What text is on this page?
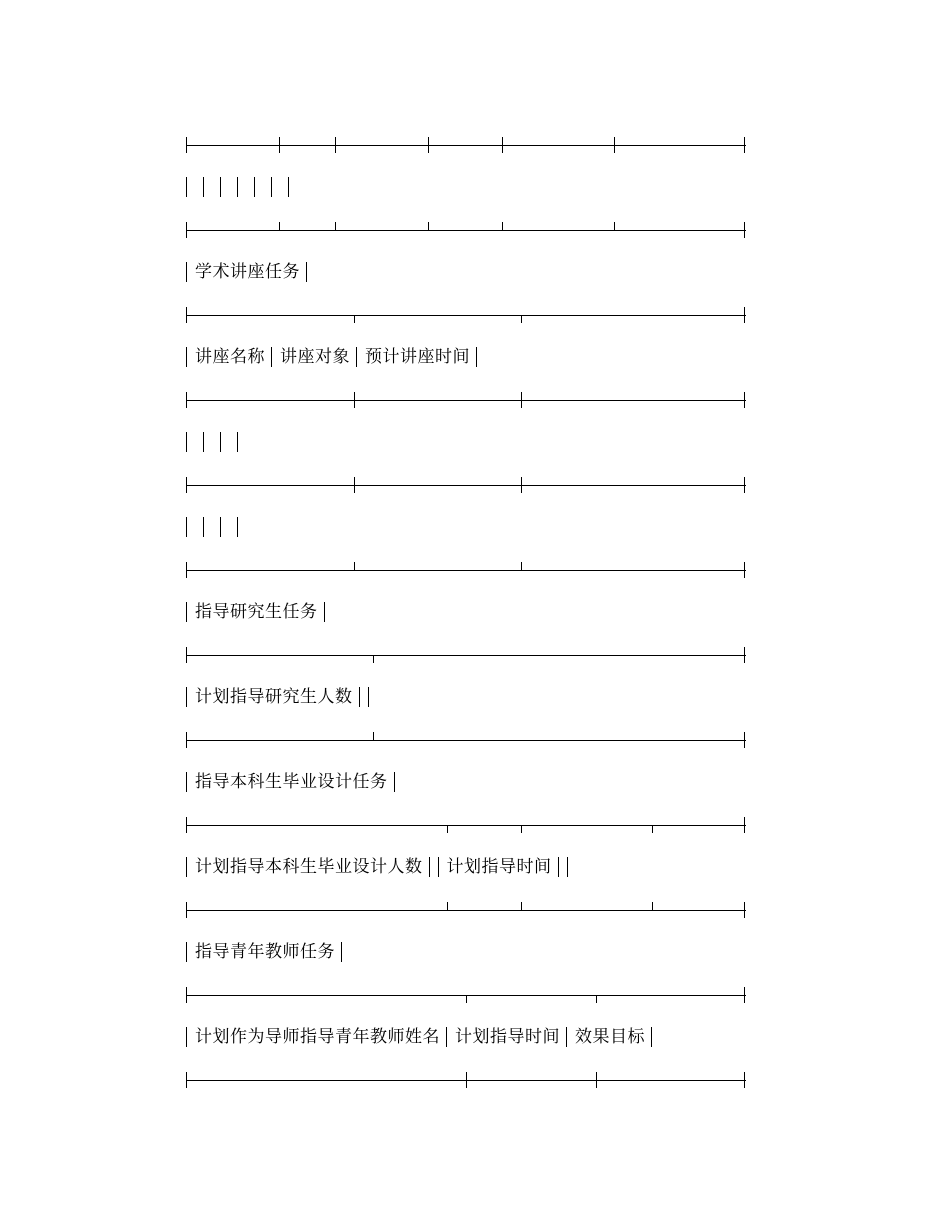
学术讲座任务
讲座名称 讲座对象 预计讲座时间
指导研究生任务
计划指导研究生人数
指导本科生毕业设计任务
计划指导本科生毕业设计人数 计划指导时间
指导青年教师任务
计划作为导师指导青年教师姓名 计划指导时间 效果目标
